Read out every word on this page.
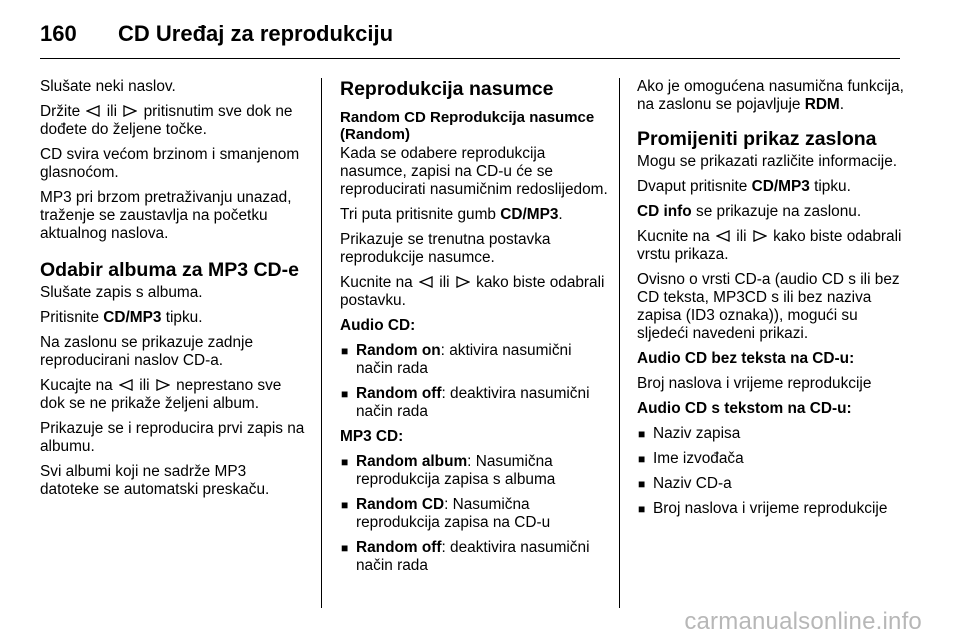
160	CD Uređaj za reprodukciju

Slušate neki naslov.

Držite ili pritisnutim sve dok ne dođete do željene točke.

CD svira većom brzinom i smanjenom glasnoćom.

MP3 pri brzom pretraživanju unazad, traženje se zaustavlja na početku aktualnog naslova.

Odabir albuma za MP3 CD-e

Slušate zapis s albuma.

Pritisnite CD/MP3 tipku.

Na zaslonu se prikazuje zadnje reproducirani naslov CD-a.

Kucajte na ili neprestano sve dok se ne prikaže željeni album.

Prikazuje se i reproducira prvi zapis na albumu.

Svi albumi koji ne sadrže MP3 datoteke se automatski preskaču.

Reprodukcija nasumce
Random CD Reprodukcija nasumce (Random)

Kada se odabere reprodukcija nasumce, zapisi na CD-u će se reproducirati nasumičnim redoslijedom.

Tri puta pritisnite gumb CD/MP3.

Prikazuje se trenutna postavka reprodukcije nasumce.

Kucnite na ili kako biste odabrali postavku.

Audio CD:

■ Random on: aktivira nasumični način rada
■ Random off: deaktivira nasumični način rada

MP3 CD:

■ Random album: Nasumična reprodukcija zapisa s albuma
■ Random CD: Nasumična reprodukcija zapisa na CD-u
■ Random off: deaktivira nasumični način rada

Ako je omogućena nasumična funkcija, na zaslonu se pojavljuje RDM.

Promijeniti prikaz zaslona

Mogu se prikazati različite informacije.

Dvaput pritisnite CD/MP3 tipku.

CD info se prikazuje na zaslonu.

Kucnite na ili kako biste odabrali vrstu prikaza.

Ovisno o vrsti CD-a (audio CD s ili bez CD teksta, MP3CD s ili bez naziva zapisa (ID3 oznaka)), mogući su sljedeći navedeni prikazi.

Audio CD bez teksta na CD-u:

Broj naslova i vrijeme reprodukcije

Audio CD s tekstom na CD-u:

■ Naziv zapisa
■ Ime izvođača
■ Naziv CD-a
■ Broj naslova i vrijeme reprodukcije
carmanualsonline.info
